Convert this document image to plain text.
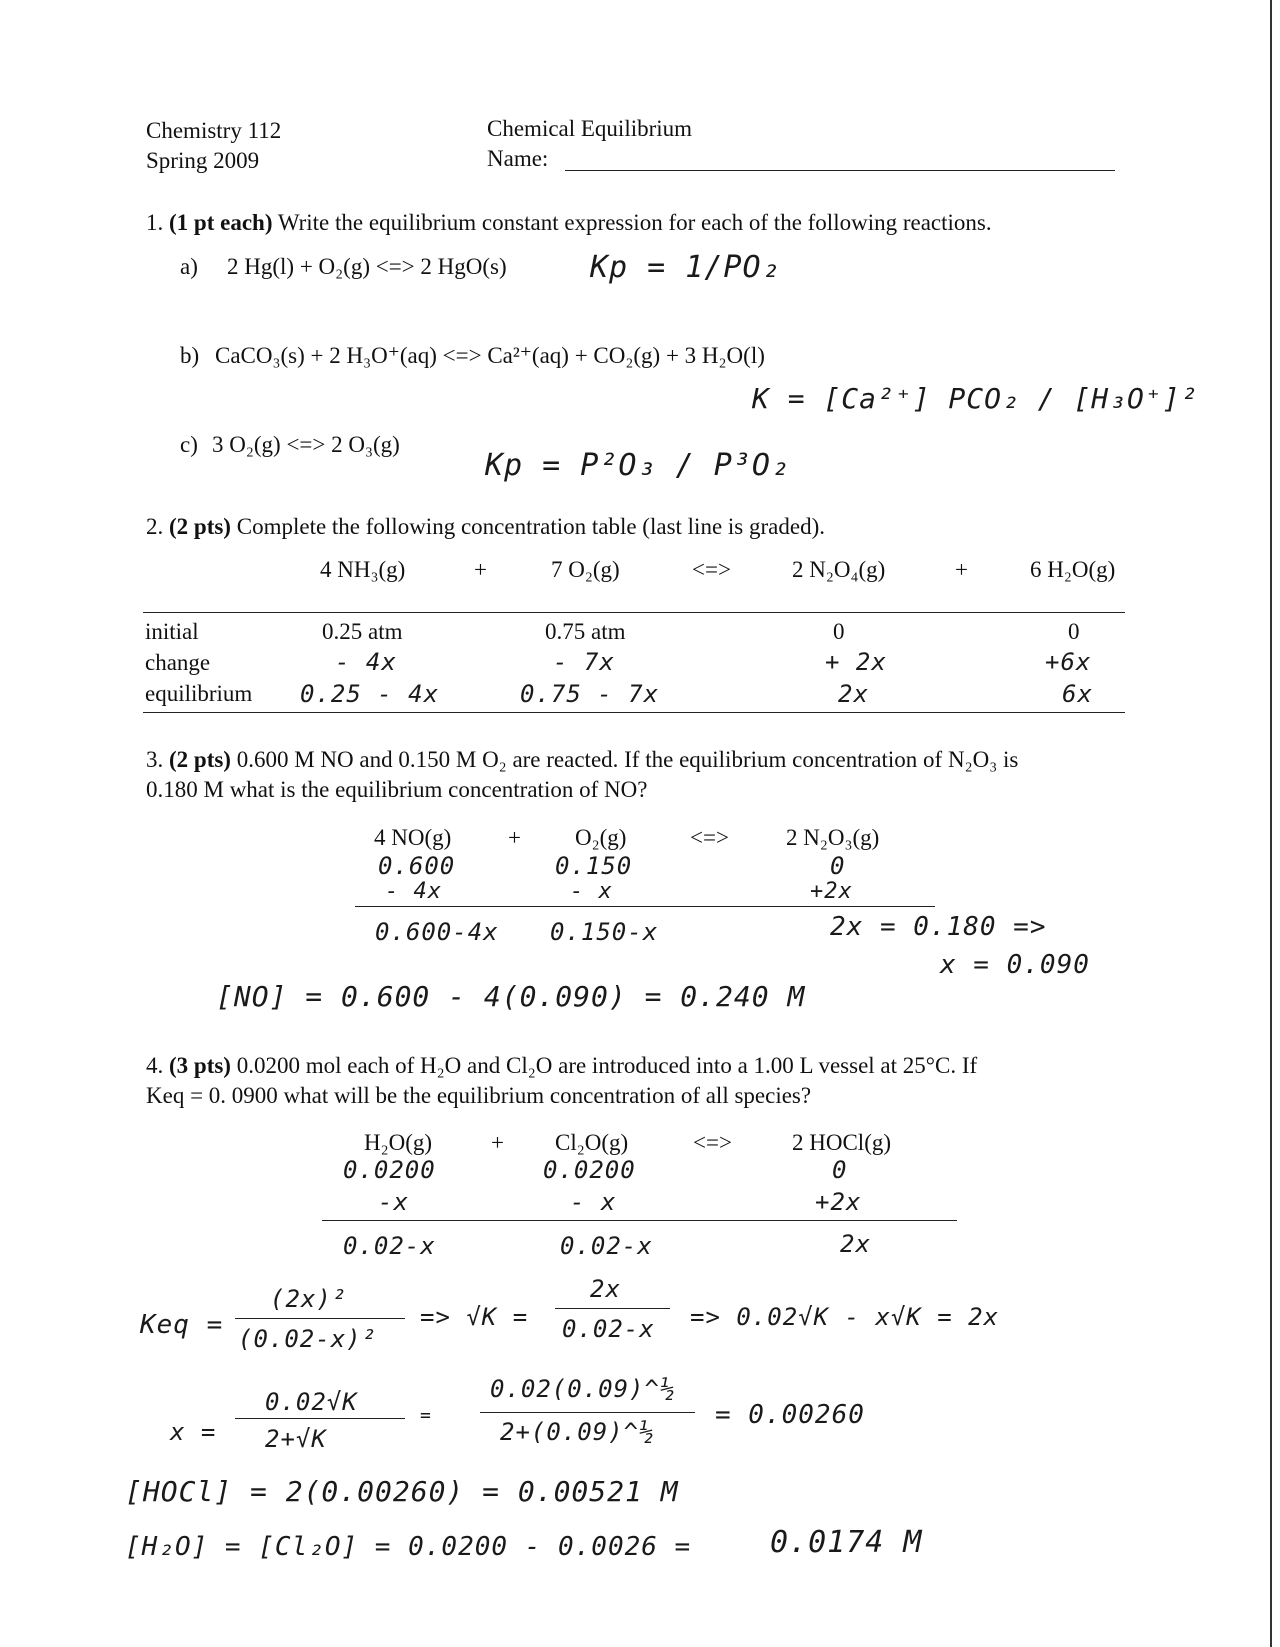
Chemistry 112
Spring 2009
Chemical Equilibrium
Name:
1. (1 pt each) Write the equilibrium constant expression for each of the following reactions.
a) 2 Hg(l) + O₂(g) <=> 2 HgO(s)	Kp = 1/PO₂
b) CaCO₃(s) + 2 H₃O⁺(aq) <=> Ca²⁺(aq) + CO₂(g) + 3 H₂O(l)
K = [Ca²⁺] PCO₂ / [H₃O⁺]²
c) 3 O₂(g) <=> 2 O₃(g)
Kp = P²O₃ / P³O₂
2. (2 pts) Complete the following concentration table (last line is graded).
4 NH₃(g)	+	7 O₂(g)	<=>	2 N₂O₄(g)	+	6 H₂O(g)
initial	0.25 atm	0.75 atm	0	0
change	- 4x	- 7x	+ 2x	+6x
equilibrium 0.25 - 4x	0.75 - 7x	2x	6x
3. (2 pts) 0.600 M NO and 0.150 M O₂ are reacted. If the equilibrium concentration of N₂O₃ is
0.180 M what is the equilibrium concentration of NO?
4 NO(g) + O₂(g)	<=> 2 N₂O₃(g)
0.600	0.150	0
- 4x	- x	+2x
0.600-4x 0.150-x	2x = 0.180 =>
x = 0.090
[NO] = 0.600 - 4(0.090) = 0.240 M
4. (3 pts) 0.0200 mol each of H₂O and Cl₂O are introduced into a 1.00 L vessel at 25°C. If
Keq = 0. 0900 what will be the equilibrium concentration of all species?
H₂O(g)	+ Cl₂O(g)	<=>	2 HOCl(g)
0.0200	0.0200	0
-x	- x	+2x
0.02-x	0.02-x	2x
Keq =
(2x)²
(0.02-x)²
=> √K =
2x
0.02-x => 0.02√K - x√K = 2x
x =
0.02√K
2+√K
=
0.02(0.09)^½
2+(0.09)^½
= 0.00260
[HOCl] = 2(0.00260) = 0.00521 M
[H₂O] = [Cl₂O] = 0.0200 - 0.0026 =	0.0174 M
